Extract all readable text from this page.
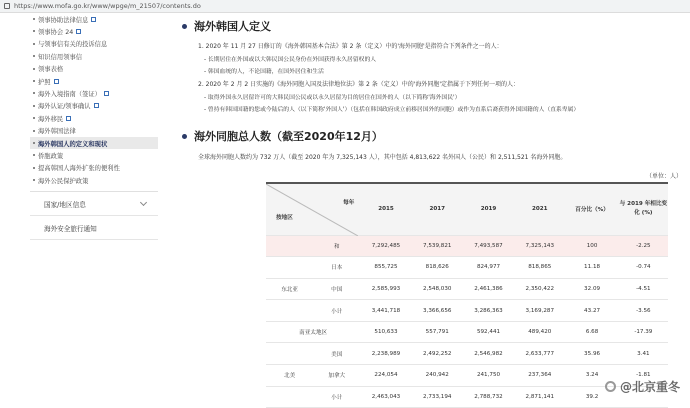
https://www.mofa.go.kr/www/wpge/m_21507/contents.do
领事协助法律信息
领事协会 24
与领事信有关的投诉信息
知识信用领事信
领事表格
护照
海外入境指南（签证）
海外认证/领事确认
海外移民
海外韩国法律
海外韩国人的定义和现状
侨胞政策
提高韩国人海外扩张的便利性
海外公民保护政策
国家/地区信息
海外安全旅行通知
海外韩国人定义
1. 2020 年 11 月 27 日修订的《海外韩国基本合法》第 2 条（定义）中的'海外同胞'是指符合下列条件之一的人：
- 长期居住在外国或以大韩民国公民身份在外国获得永久居留权的人
- 韩国血统的人，不论国籍，在国外居住和生活
2. 2020 年 2 月 2 日实施的《海外同胞入国及法律地位法》第 2 条（定义）中的'海外同胞'定指属于下列任何一项的人：
- 取得外国永久居留许可的大韩民国公民或以永久居留为目的居住在国外的人（以下简称'海外国民'）
- 曾持有韩国国籍的您或今陆后的人（以下简称'外国人'）（包括在韩国政府成立前移居国外的同胞）或作为直系后裔获得外国国籍的人（直系卑属）
海外同胞总人数（截至2020年12月）
全球海外同胞人数约为 732 万人（截至 2020 年为 7,325,143 人），其中包括 4,813,622 名外国人（公民）和 2,511,521 名海外同胞。
（单位：人）
每年
按地区		2015	2017	2019	2021	百分比（%）	与 2019 年相比变化 (%)
	和	7,292,485	7,539,821	7,493,587	7,325,143	100	-2.25
	日本	855,725	818,626	824,977	818,865	11.18	-0.74
东北亚	中国	2,585,993	2,548,030	2,461,386	2,350,422	32.09	-4.51
	小计	3,441,718	3,366,656	3,286,363	3,169,287	43.27	-3.56
南亚太地区		510,633	557,791	592,441	489,420	6.68	-17.39
	美国	2,238,989	2,492,252	2,546,982	2,633,777	35.96	3.41
北美	加拿大	224,054	240,942	241,750	237,364	3.24	-1.81
	小计	2,463,043	2,733,194	2,788,732	2,871,141	39.2	
@北京重冬
